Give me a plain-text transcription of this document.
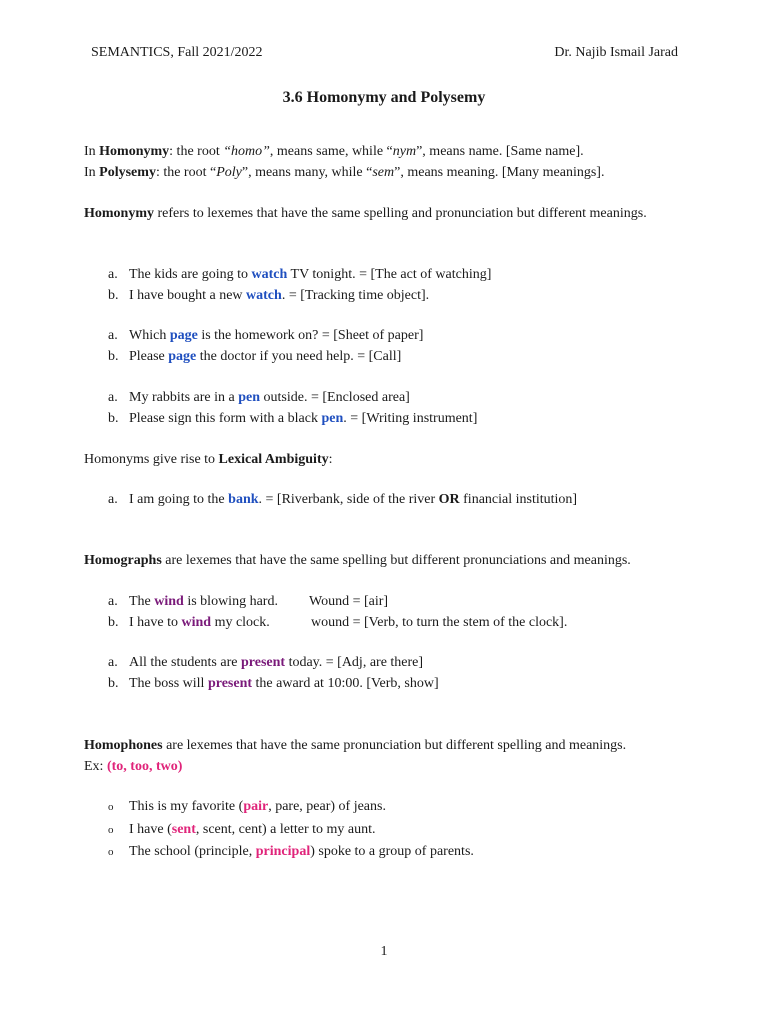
SEMANTICS, Fall 2021/2022	Dr. Najib Ismail Jarad
3.6 Homonymy and Polysemy
In Homonymy: the root “homo”, means same, while “nym”, means name. [Same name].
In Polysemy: the root “Poly”, means many, while “sem”, means meaning. [Many meanings].
Homonymy refers to lexemes that have the same spelling and pronunciation but different meanings.
a. The kids are going to watch TV tonight. = [The act of watching]
b. I have bought a new watch. = [Tracking time object].
a. Which page is the homework on? = [Sheet of paper]
b. Please page the doctor if you need help. = [Call]
a. My rabbits are in a pen outside. = [Enclosed area]
b. Please sign this form with a black pen. = [Writing instrument]
Homonyms give rise to Lexical Ambiguity:
a. I am going to the bank. = [Riverbank, side of the river OR financial institution]
Homographs are lexemes that have the same spelling but different pronunciations and meanings.
a. The wind is blowing hard. Wound = [air]
b. I have to wind my clock.	wound = [Verb, to turn the stem of the clock].
a. All the students are present today. = [Adj, are there]
b. The boss will present the award at 10:00. [Verb, show]
Homophones are lexemes that have the same pronunciation but different spelling and meanings.
Ex: (to, too, two)
o This is my favorite (pair, pare, pear) of jeans.
o I have (sent, scent, cent) a letter to my aunt.
o The school (principle, principal) spoke to a group of parents.
1
